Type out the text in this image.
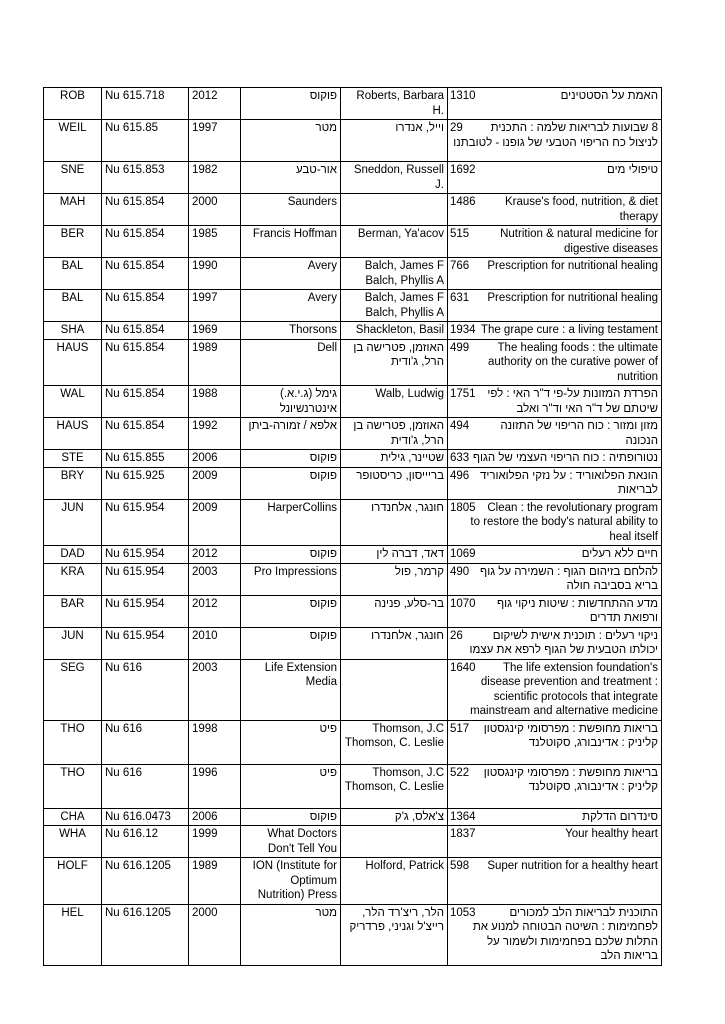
ROB	Nu 615.718	2012	פוקוס	Roberts, Barbara H.	1310 האמת על הסטטינים
WEIL	Nu 615.85	1997	מטר	וייל, אנדרו	29 8 שבועות לבריאות שלמה : התכנית לניצול כח הריפוי הטבעי של גופנו - לטובתנו
SNE	Nu 615.853	1982	אור-טבע	Sneddon, Russell J.	1692 טיפולי מים
MAH	Nu 615.854	2000	Saunders		1486 Krause's food, nutrition, & diet therapy
BER	Nu 615.854	1985	Francis Hoffman	Berman, Ya'acov	515 Nutrition & natural medicine for digestive diseases
BAL	Nu 615.854	1990	Avery	Balch, James F Balch, Phyllis A	766 Prescription for nutritional healing
BAL	Nu 615.854	1997	Avery	Balch, James F Balch, Phyllis A	631 Prescription for nutritional healing
SHA	Nu 615.854	1969	Thorsons	Shackleton, Basil	1934 The grape cure : a living testament
HAUS	Nu 615.854	1989	Dell	האוזמן, פטרישה בן הרל, ג'ודית	499 The healing foods : the ultimate authority on the curative power of nutrition
WAL	Nu 615.854	1988	גימל (ג.י.א.) אינטרנשיונל	Walb, Ludwig	1751 הפרדת המזונות על-פי ד"ר האי : לפי שיטתם של ד"ר האי וד"ר ואלב
HAUS	Nu 615.854	1992	אלפא / זמורה-ביתן	האוזמן, פטרישה בן הרל, ג'ודית	494 מזון ומזור : כוח הריפוי של התזונה הנכונה
STE	Nu 615.855	2006	פוקוס	שטיינר, גילית	633 נטורופתיה : כוח הריפוי העצמי של הגוף
BRY	Nu 615.925	2009	פוקוס	בריייסון, כריסטופר	496 הונאת הפלואוריד : על נזקי הפלואוריד לבריאות
JUN	Nu 615.954	2009	HarperCollins	חונגר, אלחנדרו	1805 Clean : the revolutionary program to restore the body's natural ability to heal itself
DAD	Nu 615.954	2012	פוקוס	דאד, דברה לין	1069 חיים ללא רעלים
KRA	Nu 615.954	2003	Pro Impressions	קרמר, פול	490 להלחם בזיהום הגוף : השמירה על גוף בריא בסביבה חולה
BAR	Nu 615.954	2012	פוקוס	בר-סלע, פנינה	1070 מדע ההתחדשות : שיטות ניקוי גוף ורפואת תדרים
JUN	Nu 615.954	2010	פוקוס	חונגר, אלחנדרו	26 ניקוי רעלים : תוכנית אישית לשיקום יכולתו הטבעית של הגוף לרפא את עצמו
SEG	Nu 616	2003	Life Extension Media		1640 The life extension foundation's disease prevention and treatment : scientific protocols that integrate mainstream and alternative medicine
THO	Nu 616	1998	פיט	Thomson, J.C Thomson, C. Leslie	517 בריאות מחופשת : מפרסומי קינגסטון קליניק : אדינבורג, סקוטלנד
THO	Nu 616	1996	פיט	Thomson, J.C Thomson, C. Leslie	522 בריאות מחופשת : מפרסומי קינגסטון קליניק : אדינבורג, סקוטלנד
CHA	Nu 616.0473	2006	פוקוס	צ'אלס, ג'ק	1364 סינדרום הדלקת
WHA	Nu 616.12	1999	What Doctors Don't Tell You		1837 Your healthy heart
HOLF	Nu 616.1205	1989	ION (Institute for Optimum Nutrition) Press	Holford, Patrick	598 Super nutrition for a healthy heart
HEL	Nu 616.1205	2000	מטר	הלר, ריצ'רד הלר, רייצ'ל וגניני, פרדריק	1053 התוכנית לבריאות הלב למכורים לפחמימות : השיטה הבטוחה למנוע את התלות שלכם בפחמימות ולשמור על בריאות הלב
